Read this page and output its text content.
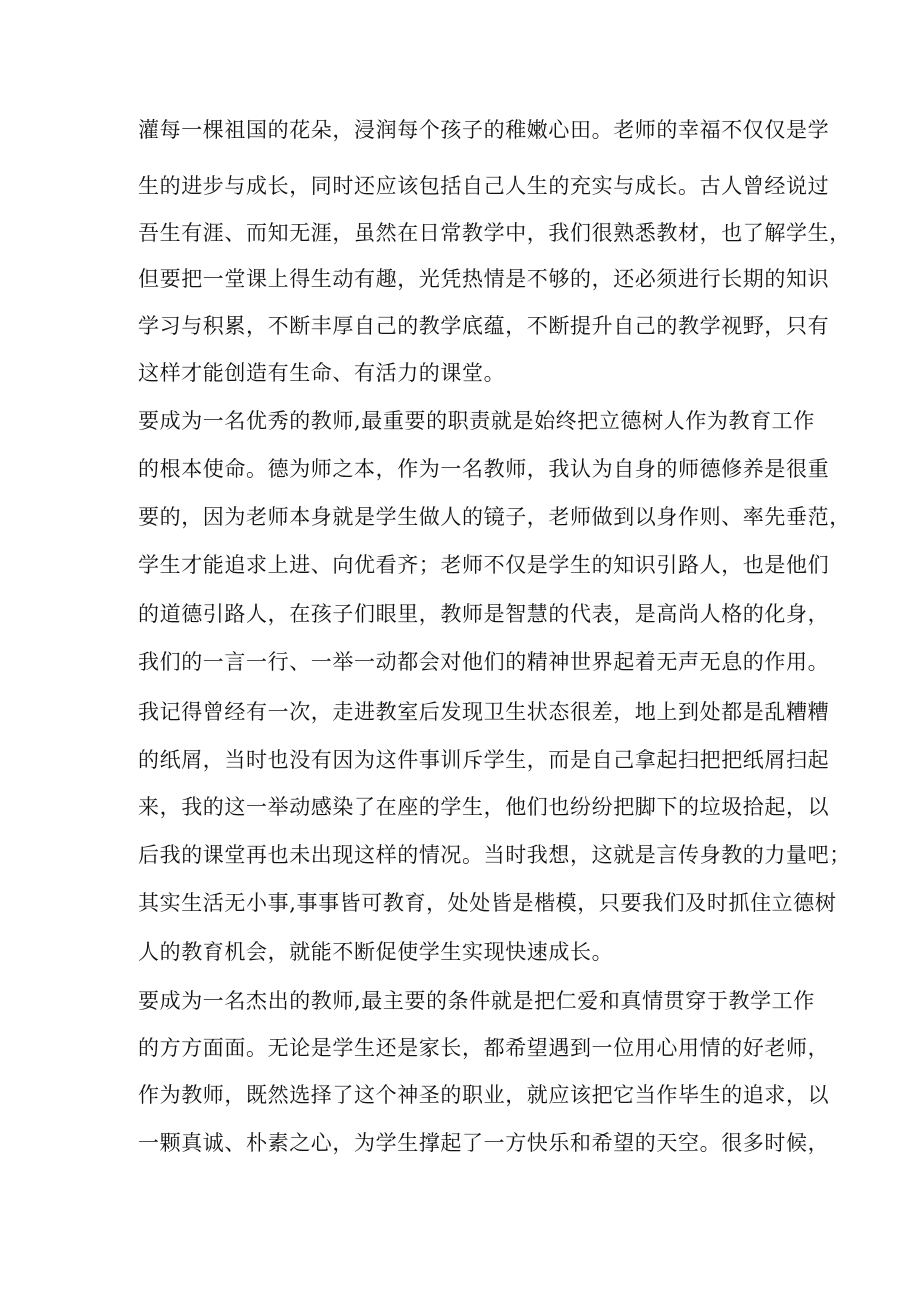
灌每一棵祖国的花朵，浸润每个孩子的稚嫩心田。老师的幸福不仅仅是学
生的进步与成长，同时还应该包括自己人生的充实与成长。古人曾经说过
吾生有涯、而知无涯，虽然在日常教学中，我们很熟悉教材，也了解学生，
但要把一堂课上得生动有趣，光凭热情是不够的，还必须进行长期的知识
学习与积累，不断丰厚自己的教学底蕴，不断提升自己的教学视野，只有
这样才能创造有生命、有活力的课堂。
要成为一名优秀的教师,最重要的职责就是始终把立德树人作为教育工作
的根本使命。德为师之本，作为一名教师，我认为自身的师德修养是很重
要的，因为老师本身就是学生做人的镜子，老师做到以身作则、率先垂范，
学生才能追求上进、向优看齐；老师不仅是学生的知识引路人，也是他们
的道德引路人，在孩子们眼里，教师是智慧的代表，是高尚人格的化身，
我们的一言一行、一举一动都会对他们的精神世界起着无声无息的作用。
我记得曾经有一次，走进教室后发现卫生状态很差，地上到处都是乱糟糟
的纸屑，当时也没有因为这件事训斥学生，而是自己拿起扫把把纸屑扫起
来，我的这一举动感染了在座的学生，他们也纷纷把脚下的垃圾拾起，以
后我的课堂再也未出现这样的情况。当时我想，这就是言传身教的力量吧；
其实生活无小事,事事皆可教育，处处皆是楷模，只要我们及时抓住立德树
人的教育机会，就能不断促使学生实现快速成长。
要成为一名杰出的教师,最主要的条件就是把仁爱和真情贯穿于教学工作
的方方面面。无论是学生还是家长，都希望遇到一位用心用情的好老师，
作为教师，既然选择了这个神圣的职业，就应该把它当作毕生的追求，以
一颗真诚、朴素之心，为学生撑起了一方快乐和希望的天空。很多时候，
